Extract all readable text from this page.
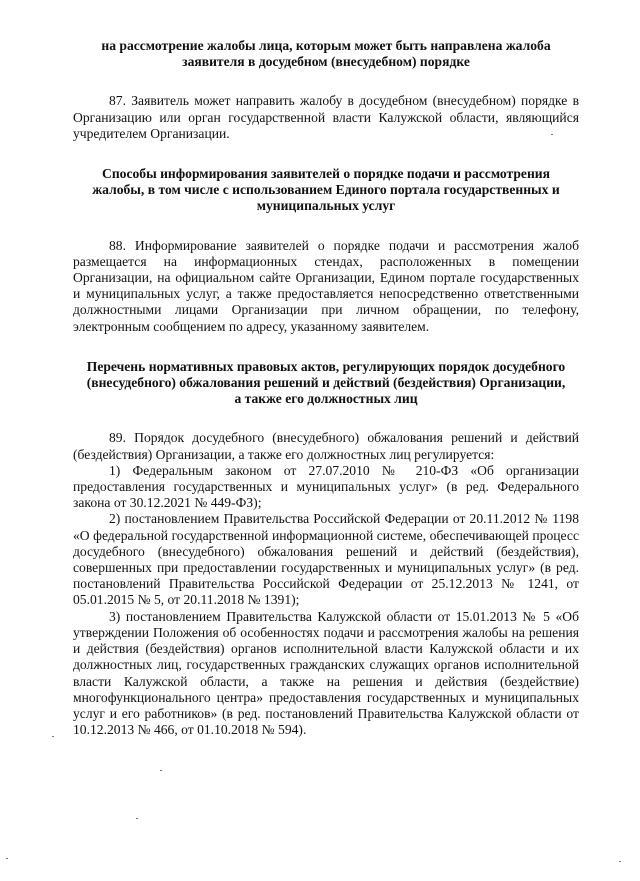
на рассмотрение жалобы лица, которым может быть направлена жалоба заявителя в досудебном (внесудебном) порядке

87. Заявитель может направить жалобу в досудебном (внесудебном) порядке в Организацию или орган государственной власти Калужской области, являющийся учредителем Организации.

Способы информирования заявителей о порядке подачи и рассмотрения жалобы, в том числе с использованием Единого портала государственных и муниципальных услуг

88. Информирование заявителей о порядке подачи и рассмотрения жалоб размещается на информационных стендах, расположенных в помещении Организации, на официальном сайте Организации, Едином портале государственных и муниципальных услуг, а также предоставляется непосредственно ответственными должностными лицами Организации при личном обращении, по телефону, электронным сообщением по адресу, указанному заявителем.

Перечень нормативных правовых актов, регулирующих порядок досудебного (внесудебного) обжалования решений и действий (бездействия) Организации, а также его должностных лиц

89. Порядок досудебного (внесудебного) обжалования решений и действий (бездействия) Организации, а также его должностных лиц регулируется:

1) Федеральным законом от 27.07.2010 № 210-ФЗ «Об организации предоставления государственных и муниципальных услуг» (в ред. Федерального закона от 30.12.2021 № 449-ФЗ);

2) постановлением Правительства Российской Федерации от 20.11.2012 № 1198 «О федеральной государственной информационной системе, обеспечивающей процесс досудебного (внесудебного) обжалования решений и действий (бездействия), совершенных при предоставлении государственных и муниципальных услуг» (в ред. постановлений Правительства Российской Федерации от 25.12.2013 № 1241, от 05.01.2015 № 5, от 20.11.2018 № 1391);

3) постановлением Правительства Калужской области от 15.01.2013 № 5 «Об утверждении Положения об особенностях подачи и рассмотрения жалобы на решения и действия (бездействия) органов исполнительной власти Калужской области и их должностных лиц, государственных гражданских служащих органов исполнительной власти Калужской области, а также на решения и действия (бездействие) многофункционального центра» предоставления государственных и муниципальных услуг и его работников» (в ред. постановлений Правительства Калужской области от 10.12.2013 № 466, от 01.10.2018 № 594).
